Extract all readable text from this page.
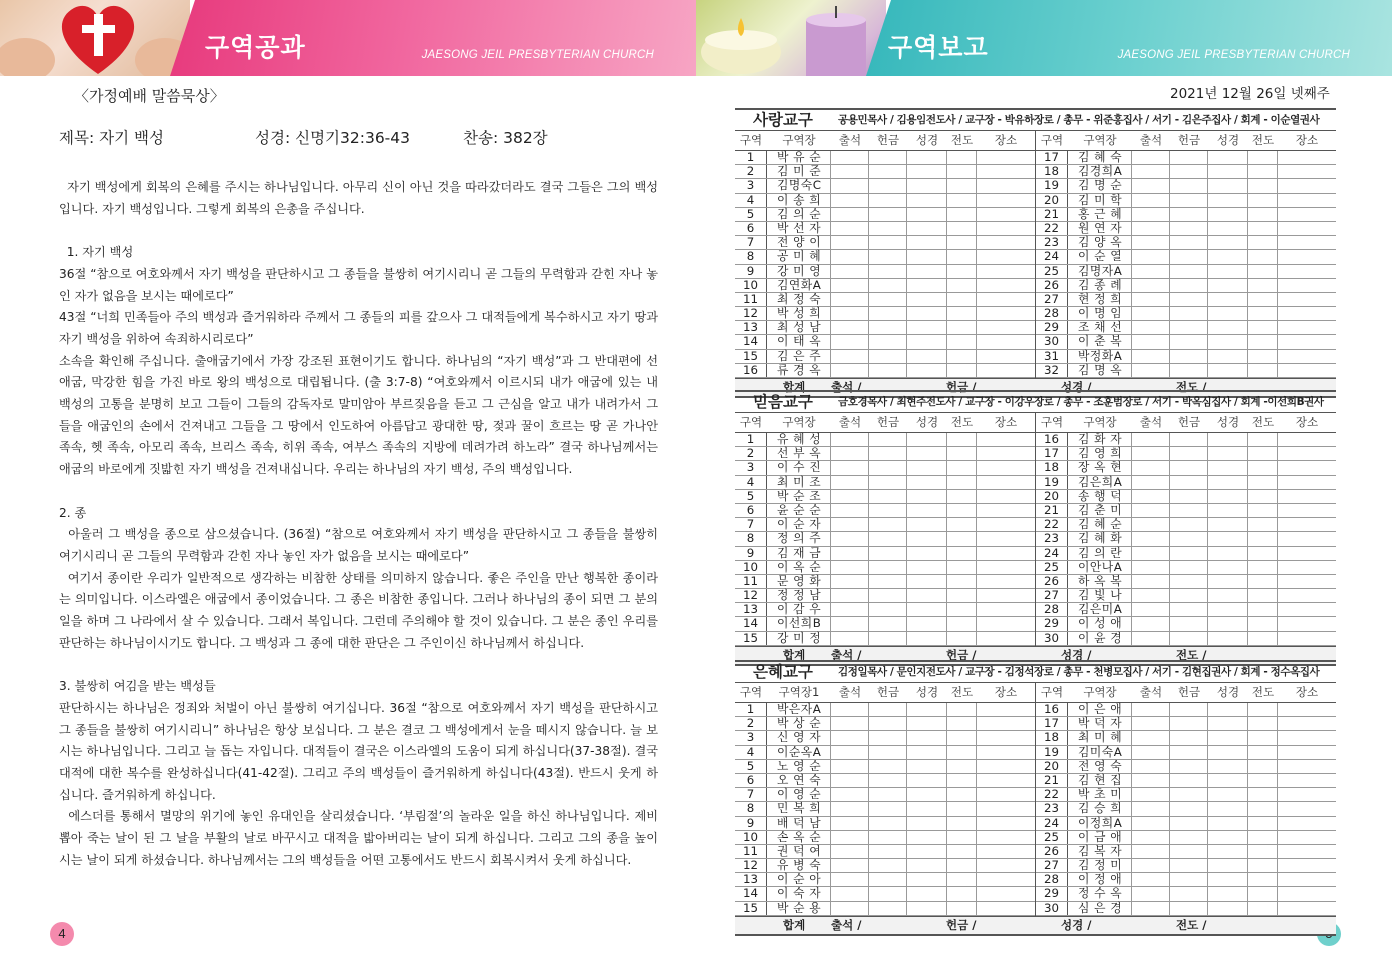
구역공과	JAESONG JEIL PRESBYTERIAN CHURCH
〈가정예배 말씀묵상〉
제목: 자기 백성	성경: 신명기32:36-43	찬송: 382장

자기 백성에게 회복의 은혜를 주시는 하나님입니다. 아무리 신이 아닌 것을 따라갔더라도 결국 그들은 그의 백성입니다. 자기 백성입니다. 그렇게 회복의 은총을 주십니다.

1. 자기 백성

36절 “참으로 여호와께서 자기 백성을 판단하시고 그 종들을 불쌍히 여기시리니 곧 그들의 무력함과 갇힌 자나 놓인 자가 없음을 보시는 때에로다”

43절 “너희 민족들아 주의 백성과 즐거워하라 주께서 그 종들의 피를 갚으사 그 대적들에게 복수하시고 자기 땅과 자기 백성을 위하여 속죄하시리로다”

소속을 확인해 주십니다. 출애굽기에서 가장 강조된 표현이기도 합니다. 하나님의 “자기 백성”과 그 반대편에 선 애굽, 막강한 힘을 가진 바로 왕의 백성으로 대립됩니다. (출 3:7-8) “여호와께서 이르시되 내가 애굽에 있는 내 백성의 고통을 분명히 보고 그들이 그들의 감독자로 말미암아 부르짖음을 듣고 그 근심을 알고 내가 내려가서 그들을 애굽인의 손에서 건져내고 그들을 그 땅에서 인도하여 아름답고 광대한 땅, 젖과 꿀이 흐르는 땅 곧 가나안 족속, 헷 족속, 아모리 족속, 브리스 족속, 히위 족속, 여부스 족속의 지방에 데려가려 하노라” 결국 하나님께서는 애굽의 바로에게 짓밟힌 자기 백성을 건져내십니다. 우리는 하나님의 자기 백성, 주의 백성입니다.

2. 종

아울러 그 백성을 종으로 삼으셨습니다. (36절) “참으로 여호와께서 자기 백성을 판단하시고 그 종들을 불쌍히 여기시리니 곧 그들의 무력함과 갇힌 자나 놓인 자가 없음을 보시는 때에로다”

여기서 종이란 우리가 일반적으로 생각하는 비참한 상태를 의미하지 않습니다. 좋은 주인을 만난 행복한 종이라는 의미입니다. 이스라엘은 애굽에서 종이었습니다. 그 종은 비참한 종입니다. 그러나 하나님의 종이 되면 그 분의 일을 하며 그 나라에서 살 수 있습니다. 그래서 복입니다. 그런데 주의해야 할 것이 있습니다. 그 분은 종인 우리를 판단하는 하나님이시기도 합니다. 그 백성과 그 종에 대한 판단은 그 주인이신 하나님께서 하십니다.

3. 불쌍히 여김을 받는 백성들

판단하시는 하나님은 정죄와 처벌이 아닌 불쌍히 여기십니다. 36절 “참으로 여호와께서 자기 백성을 판단하시고 그 종들을 불쌍히 여기시리니” 하나님은 항상 보십니다. 그 분은 결코 그 백성에게서 눈을 떼시지 않습니다. 늘 보시는 하나님입니다. 그리고 늘 돕는 자입니다. 대적들이 결국은 이스라엘의 도움이 되게 하십니다(37-38절). 결국 대적에 대한 복수를 완성하십니다(41-42절). 그리고 주의 백성들이 즐거워하게 하십니다(43절). 반드시 웃게 하십니다. 즐거워하게 하십니다.

에스더를 통해서 멸망의 위기에 놓인 유대인을 살리셨습니다. ‘부림절’의 놀라운 일을 하신 하나님입니다. 제비 뽑아 죽는 날이 된 그 날을 부활의 날로 바꾸시고 대적을 밟아버리는 날이 되게 하십니다. 그리고 그의 종을 높이시는 날이 되게 하셨습니다. 하나님께서는 그의 백성들을 어떤 고통에서도 반드시 회복시켜서 웃게 하십니다.

4
구역보고	JAESONG JEIL PRESBYTERIAN CHURCH
2021년 12월 26일 넷째주
사랑교구 공용민목사 / 김용임전도사 / 교구장 - 박유하장로 / 총무 - 위준홍집사 / 서기 - 김은주집사 / 회계 - 이순열권사
구역	구역장	출석	헌금	성경	전도	장소
1	박 유 순
2	김 미 준
3	김명숙C
4	이 송 희
5	김 의 순
6	박 선 자
7	전 양 이
8	공 미 혜
9	강 미 영
10	김연화A
11	최 정 숙
12	박 성 희
13	최 성 남
14	이 태 옥
15	김 은 주
16	류 경 옥
구역	구역장	출석	헌금	성경	전도	장소
17	김 혜 숙
18	김경희A
19	김 명 순
20	김 미 학
21	홍 근 혜
22	원 연 자
23	김 양 옥
24	이 순 열
25	김명자A
26	김 종 례
27	현 정 희
28	이 명 임
29	조 채 선
30	이 춘 복
31	박정화A
32	김 명 옥
합계	출석 /	헌금 /	성경 /	전도 /
믿음교구 금호경목사 / 최현주전도사 / 교구장 - 이강우장로 / 총무 - 조훈범장로 / 서기 - 박옥심집사 / 회계 -이선희B권사
구역	구역장	출석	헌금	성경	전도	장소
1	유 혜 성
2	선 부 옥
3	이 수 진
4	최 미 조
5	박 순 조
6	윤 순 순
7	이 순 자
8	정 의 주
9	김 재 금
10	이 옥 순
11	문 영 화
12	정 정 남
13	이 감 우
14	이선희B
15	강 미 정
구역	구역장	출석	헌금	성경	전도	장소
16	김 화 자
17	김 영 희
18	장 옥 현
19	김은희A
20	송 행 덕
21	김 춘 미
22	김 혜 순
23	김 혜 화
24	김 의 란
25	이안나A
26	하 옥 복
27	김 빛 나
28	김은미A
29	이 성 애
30	이 윤 경
합계	출석 /	헌금 /	성경 /	전도 /
은혜교구 김정일목사 / 문인지전도사 / 교구장 - 김정석장로 / 총무 - 천병모집사 / 서기 - 김현집권사 / 회계 - 정수옥집사
구역	구역장1	출석	헌금	성경	전도	장소
1	박은자A
2	박 상 순
3	신 영 자
4	이순옥A
5	노 영 순
6	오 연 숙
7	이 영 순
8	민 복 희
9	배 덕 남
10	손 옥 순
11	권 덕 여
12	유 병 숙
13	이 순 아
14	이 숙 자
15	박 순 용
구역	구역장	출석	헌금	성경	전도	장소
16	이 은 애
17	박 덕 자
18	최 미 혜
19	김미숙A
20	전 영 숙
21	김 현 집
22	박 초 미
23	김 승 희
24	이정희A
25	이 금 애
26	김 복 자
27	김 정 미
28	이 정 애
29	정 수 옥
30	심 은 경
합계	출석 /	헌금 /	성경 /	전도 /
